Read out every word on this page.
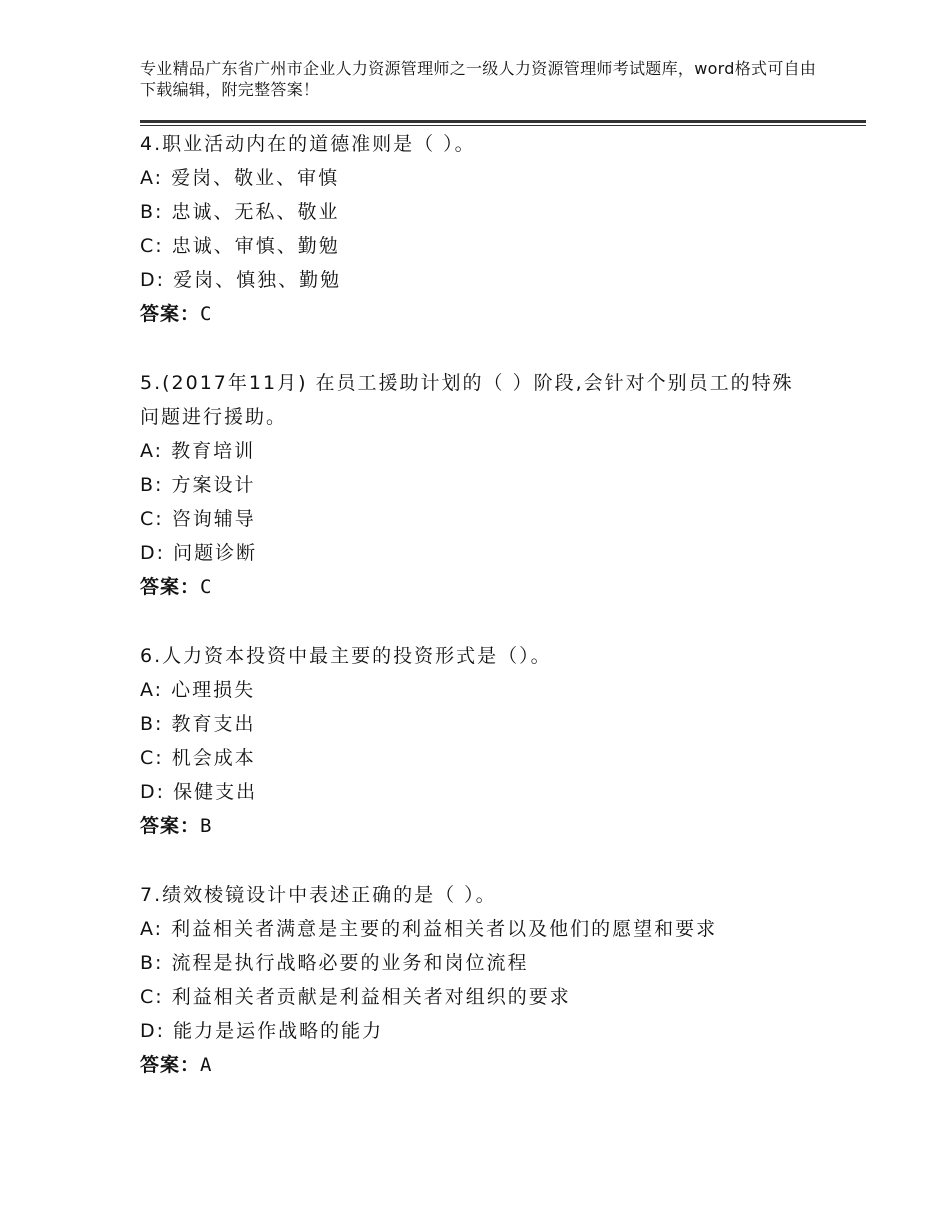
专业精品广东省广州市企业人力资源管理师之一级人力资源管理师考试题库，word格式可自由下载编辑，附完整答案！
4.职业活动内在的道德准则是（ ）。
A: 爱岗、敬业、审慎
B: 忠诚、无私、敬业
C: 忠诚、审慎、勤勉
D: 爱岗、慎独、勤勉
答案：C
5.(2017年11月) 在员工援助计划的（ ）阶段,会针对个别员工的特殊问题进行援助。
A: 教育培训
B: 方案设计
C: 咨询辅导
D: 问题诊断
答案：C
6.人力资本投资中最主要的投资形式是（）。
A: 心理损失
B: 教育支出
C: 机会成本
D: 保健支出
答案：B
7.绩效棱镜设计中表述正确的是（ ）。
A: 利益相关者满意是主要的利益相关者以及他们的愿望和要求
B: 流程是执行战略必要的业务和岗位流程
C: 利益相关者贡献是利益相关者对组织的要求
D: 能力是运作战略的能力
答案：A
